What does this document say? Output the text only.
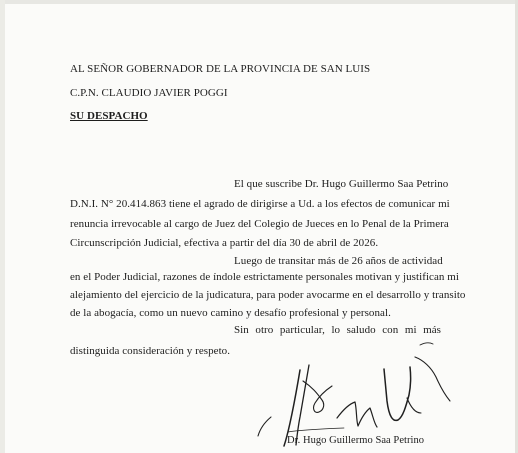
AL SEÑOR GOBERNADOR DE LA PROVINCIA DE SAN LUIS
C.P.N. CLAUDIO JAVIER POGGI
SU DESPACHO
El que suscribe Dr. Hugo Guillermo Saa Petrino
D.N.I. N° 20.414.863 tiene el agrado de dirigirse a Ud. a los efectos de comunicar mi
renuncia irrevocable al cargo de Juez del Colegio de Jueces en lo Penal de la Primera
Circunscripción Judicial, efectiva a partir del día 30 de abril de 2026.
Luego de transitar más de 26 años de actividad
en el Poder Judicial, razones de índole estrictamente personales motivan y justifican mi
alejamiento del ejercicio de la judicatura, para poder avocarme en el desarrollo y transito
de la abogacía, como un nuevo camino y desafío profesional y personal.
Sin otro particular, lo saludo con mi más
distinguida consideración y respeto.
Dr. Hugo Guillermo Saa Petrino
